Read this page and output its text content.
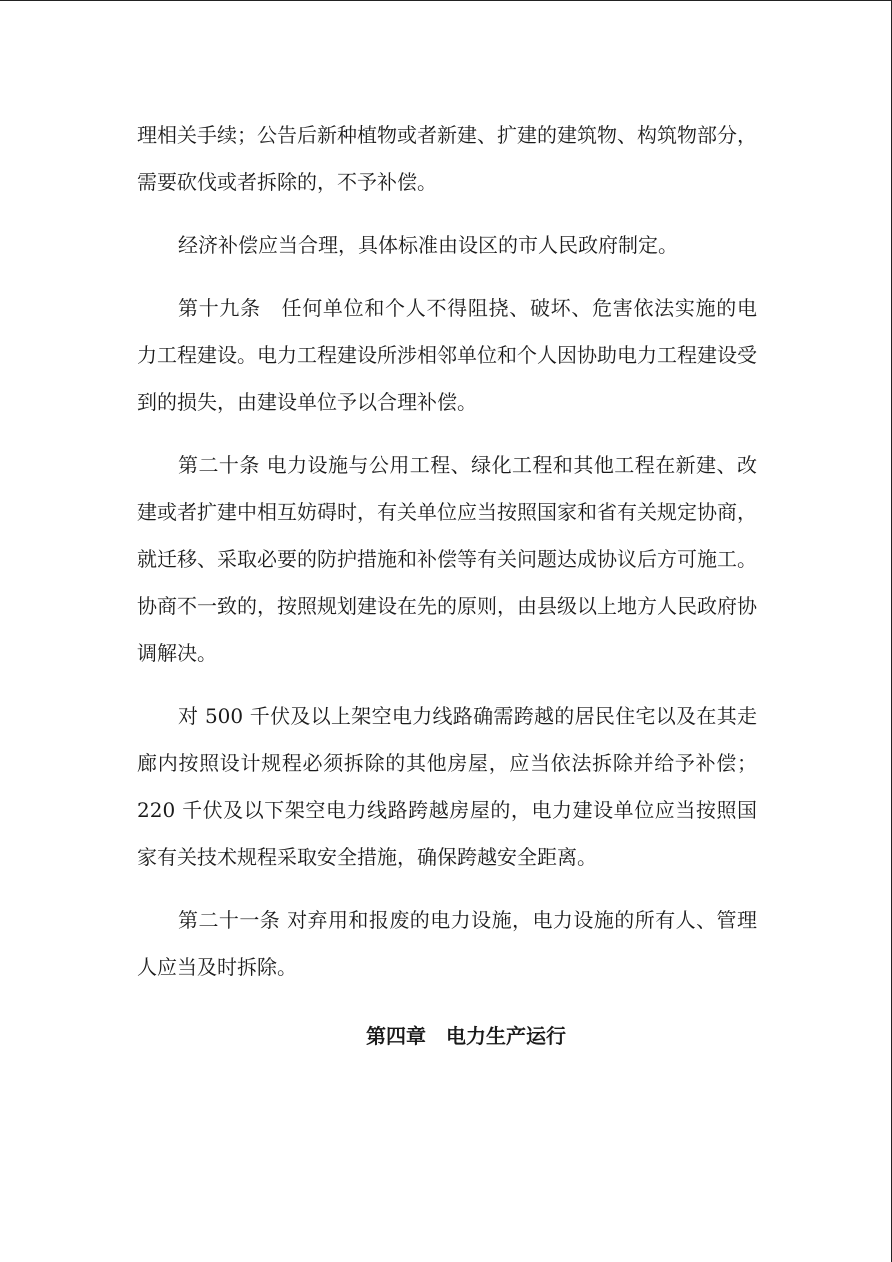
理相关手续；公告后新种植物或者新建、扩建的建筑物、构筑物部分，需要砍伐或者拆除的，不予补偿。

经济补偿应当合理，具体标准由设区的市人民政府制定。

第十九条　任何单位和个人不得阻挠、破坏、危害依法实施的电力工程建设。电力工程建设所涉相邻单位和个人因协助电力工程建设受到的损失，由建设单位予以合理补偿。

第二十条 电力设施与公用工程、绿化工程和其他工程在新建、改建或者扩建中相互妨碍时，有关单位应当按照国家和省有关规定协商，就迁移、采取必要的防护措施和补偿等有关问题达成协议后方可施工。协商不一致的，按照规划建设在先的原则，由县级以上地方人民政府协调解决。

对 500 千伏及以上架空电力线路确需跨越的居民住宅以及在其走廊内按照设计规程必须拆除的其他房屋，应当依法拆除并给予补偿；220 千伏及以下架空电力线路跨越房屋的，电力建设单位应当按照国家有关技术规程采取安全措施，确保跨越安全距离。

第二十一条 对弃用和报废的电力设施，电力设施的所有人、管理人应当及时拆除。

第四章　电力生产运行
